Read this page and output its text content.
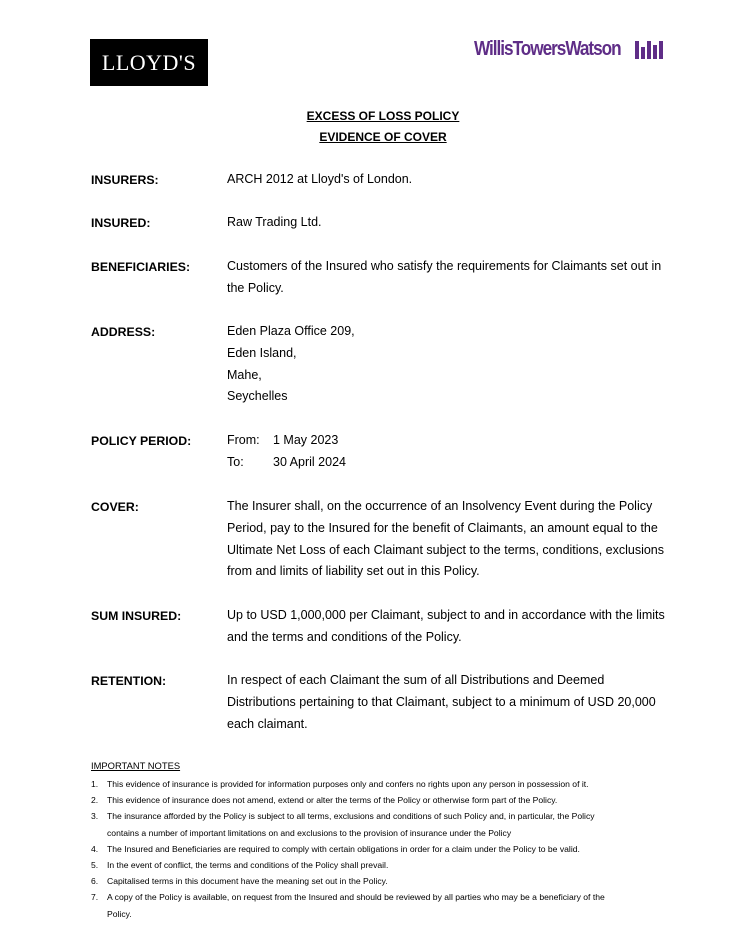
LLOYD'S
WillisTowersWatson
EXCESS OF LOSS POLICY
EVIDENCE OF COVER
INSURERS:	ARCH 2012 at Lloyd's of London.
INSURED:	Raw Trading Ltd.
BENEFICIARIES:	Customers of the Insured who satisfy the requirements for Claimants set out in
the Policy.
ADDRESS:	Eden Plaza Office 209,
Eden Island,
Mahe,
Seychelles
POLICY PERIOD:	From:	1 May 2023
To:	30 April 2024
COVER:	The Insurer shall, on the occurrence of an Insolvency Event during the Policy
Period, pay to the Insured for the benefit of Claimants, an amount equal to the
Ultimate Net Loss of each Claimant subject to the terms, conditions, exclusions
from and limits of liability set out in this Policy.
SUM INSURED:	Up to USD 1,000,000 per Claimant, subject to and in accordance with the limits
and the terms and conditions of the Policy.
RETENTION:	In respect of each Claimant the sum of all Distributions and Deemed
Distributions pertaining to that Claimant, subject to a minimum of USD 20,000
each claimant.
IMPORTANT NOTES
1.	This evidence of insurance is provided for information purposes only and confers no rights upon any person in possession of it.
2.	This evidence of insurance does not amend, extend or alter the terms of the Policy or otherwise form part of the Policy.
3.	The insurance afforded by the Policy is subject to all terms, exclusions and conditions of such Policy and, in particular, the Policy
contains a number of important limitations on and exclusions to the provision of insurance under the Policy
4.	The Insured and Beneficiaries are required to comply with certain obligations in order for a claim under the Policy to be valid.
5.	In the event of conflict, the terms and conditions of the Policy shall prevail.
6.	Capitalised terms in this document have the meaning set out in the Policy.
7.	A copy of the Policy is available, on request from the Insured and should be reviewed by all parties who may be a beneficiary of the
Policy.
